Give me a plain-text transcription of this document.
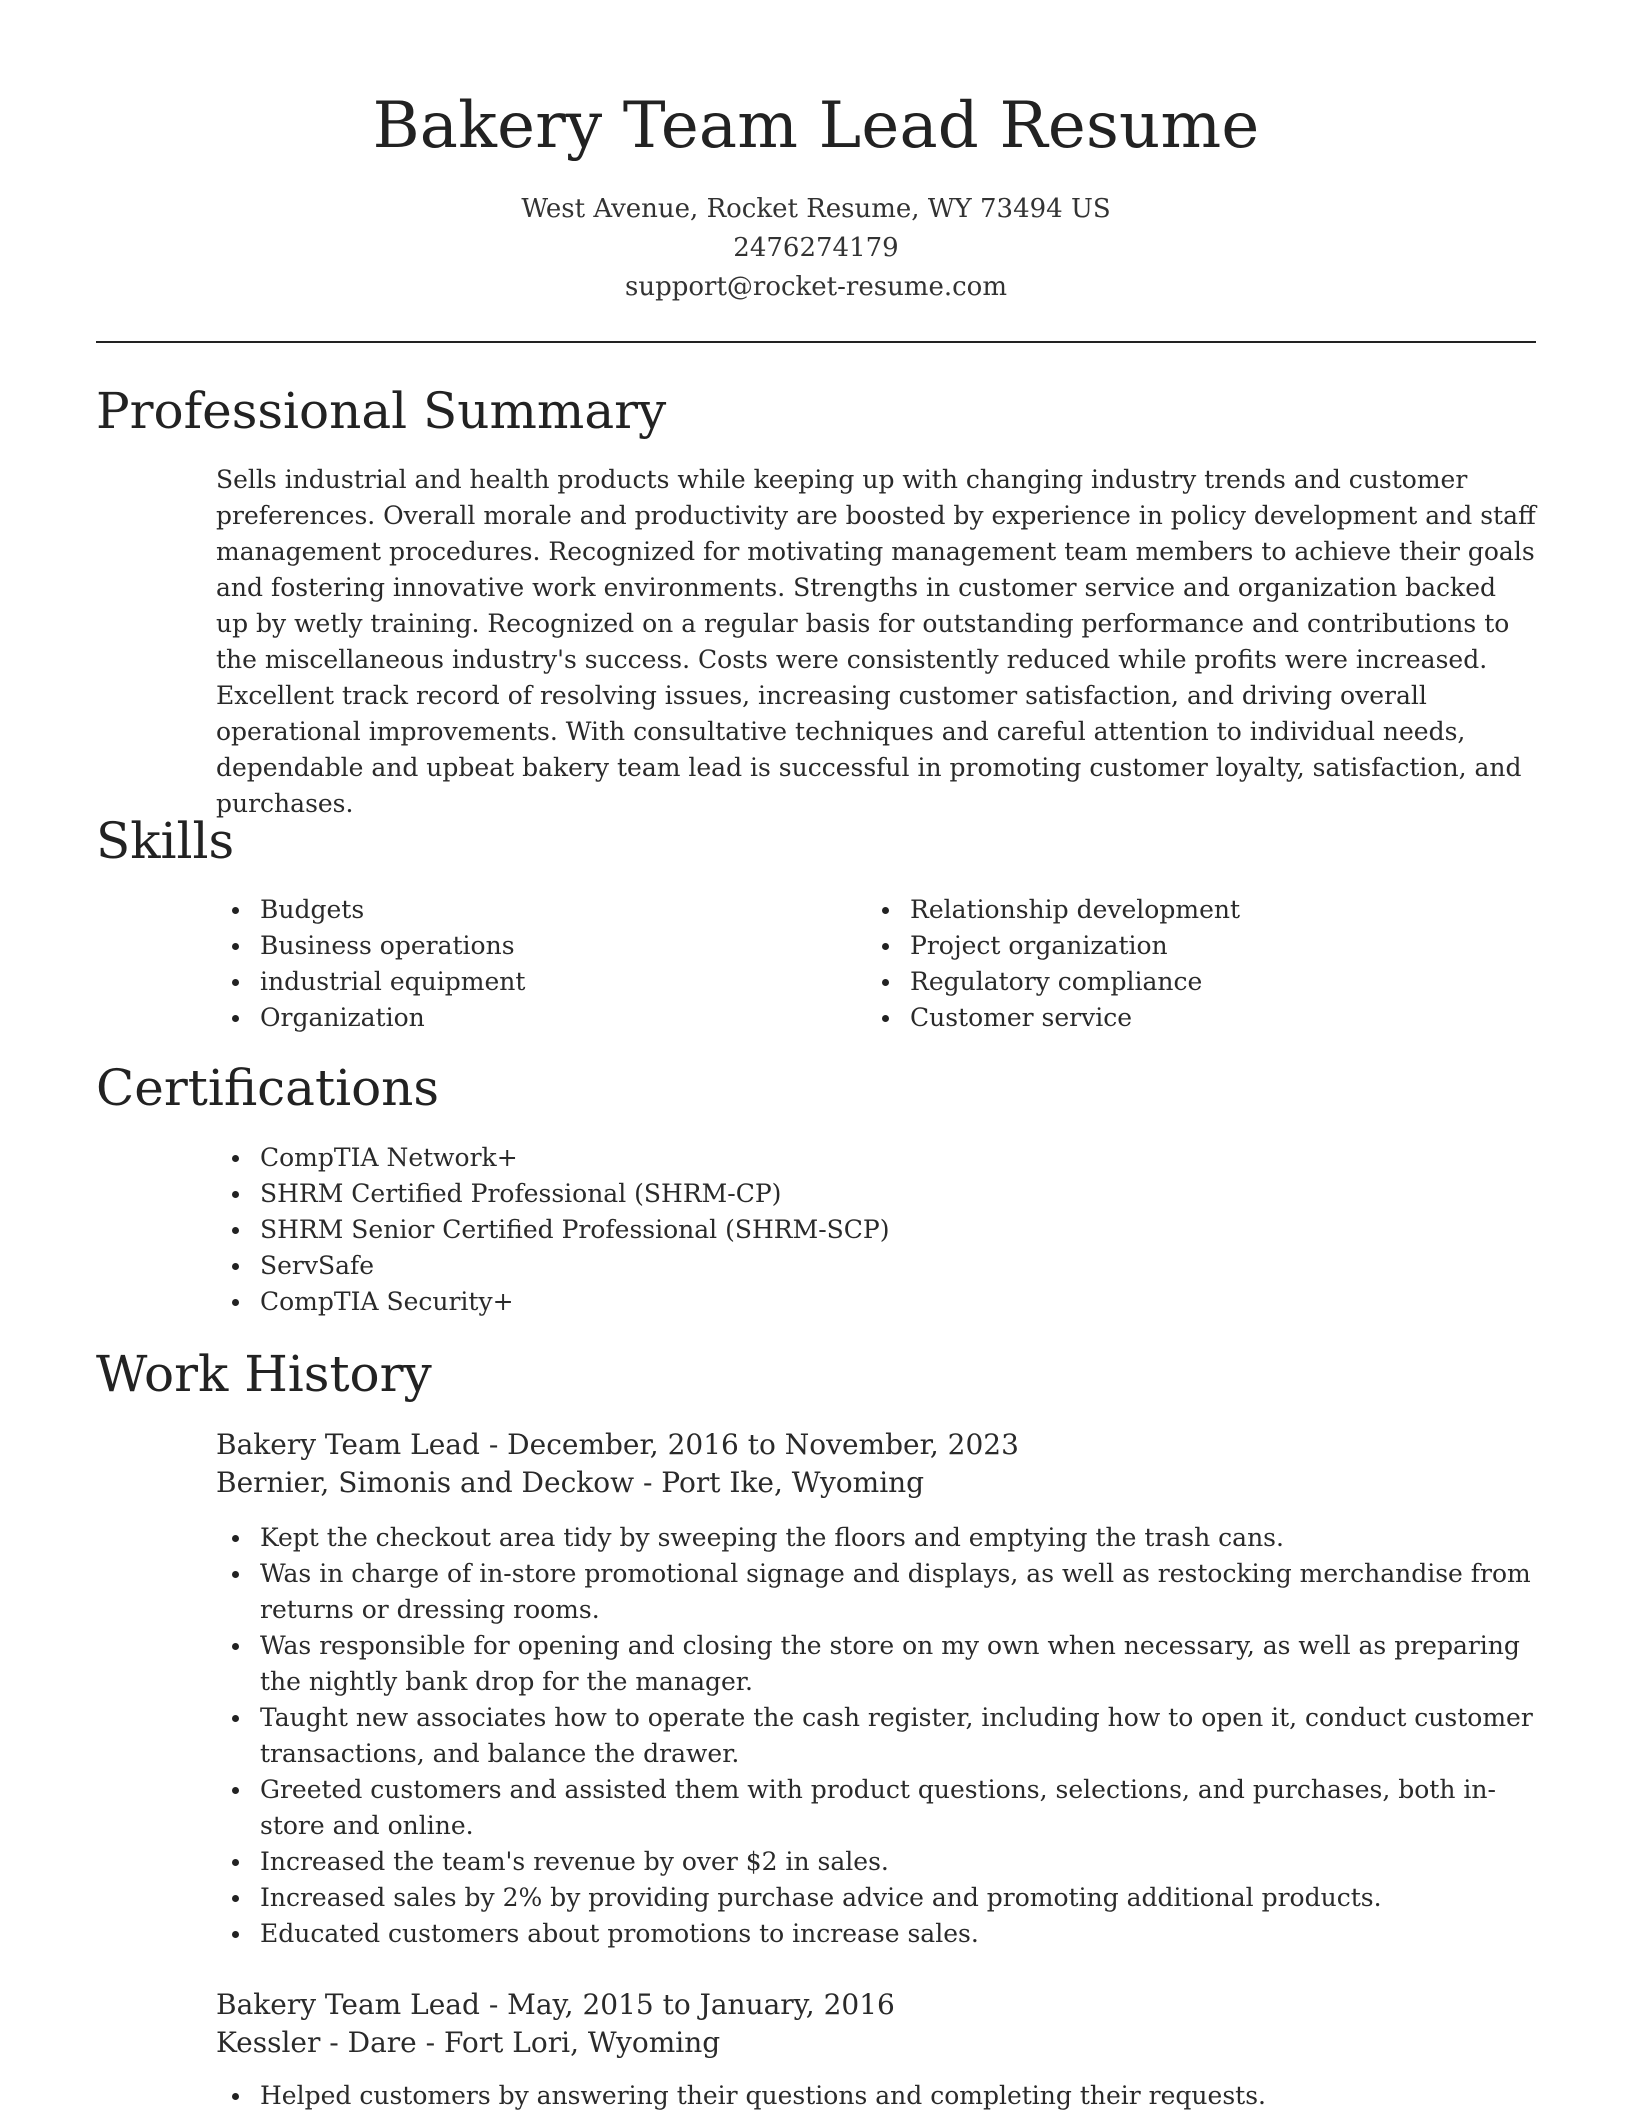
Bakery Team Lead Resume
West Avenue, Rocket Resume, WY 73494 US
2476274179
support@rocket-resume.com
Professional Summary

Sells industrial and health products while keeping up with changing industry trends and customer preferences. Overall morale and productivity are boosted by experience in policy development and staff management procedures. Recognized for motivating management team members to achieve their goals and fostering innovative work environments. Strengths in customer service and organization backed up by wetly training. Recognized on a regular basis for outstanding performance and contributions to the miscellaneous industry's success. Costs were consistently reduced while profits were increased. Excellent track record of resolving issues, increasing customer satisfaction, and driving overall operational improvements. With consultative techniques and careful attention to individual needs, dependable and upbeat bakery team lead is successful in promoting customer loyalty, satisfaction, and purchases.

Skills
Budgets
Business operations
industrial equipment
Organization
Relationship development
Project organization
Regulatory compliance
Customer service
Certifications
CompTIA Network+
SHRM Certified Professional (SHRM-CP)
SHRM Senior Certified Professional (SHRM-SCP)
ServSafe
CompTIA Security+
Work History
Bakery Team Lead - December, 2016 to November, 2023
Bernier, Simonis and Deckow - Port Ike, Wyoming
Kept the checkout area tidy by sweeping the floors and emptying the trash cans.
Was in charge of in-store promotional signage and displays, as well as restocking merchandise from returns or dressing rooms.
Was responsible for opening and closing the store on my own when necessary, as well as preparing the nightly bank drop for the manager.
Taught new associates how to operate the cash register, including how to open it, conduct customer transactions, and balance the drawer.
Greeted customers and assisted them with product questions, selections, and purchases, both in-store and online.
Increased the team's revenue by over $2 in sales.
Increased sales by 2% by providing purchase advice and promoting additional products.
Educated customers about promotions to increase sales.
Bakery Team Lead - May, 2015 to January, 2016
Kessler - Dare - Fort Lori, Wyoming
Helped customers by answering their questions and completing their requests.
